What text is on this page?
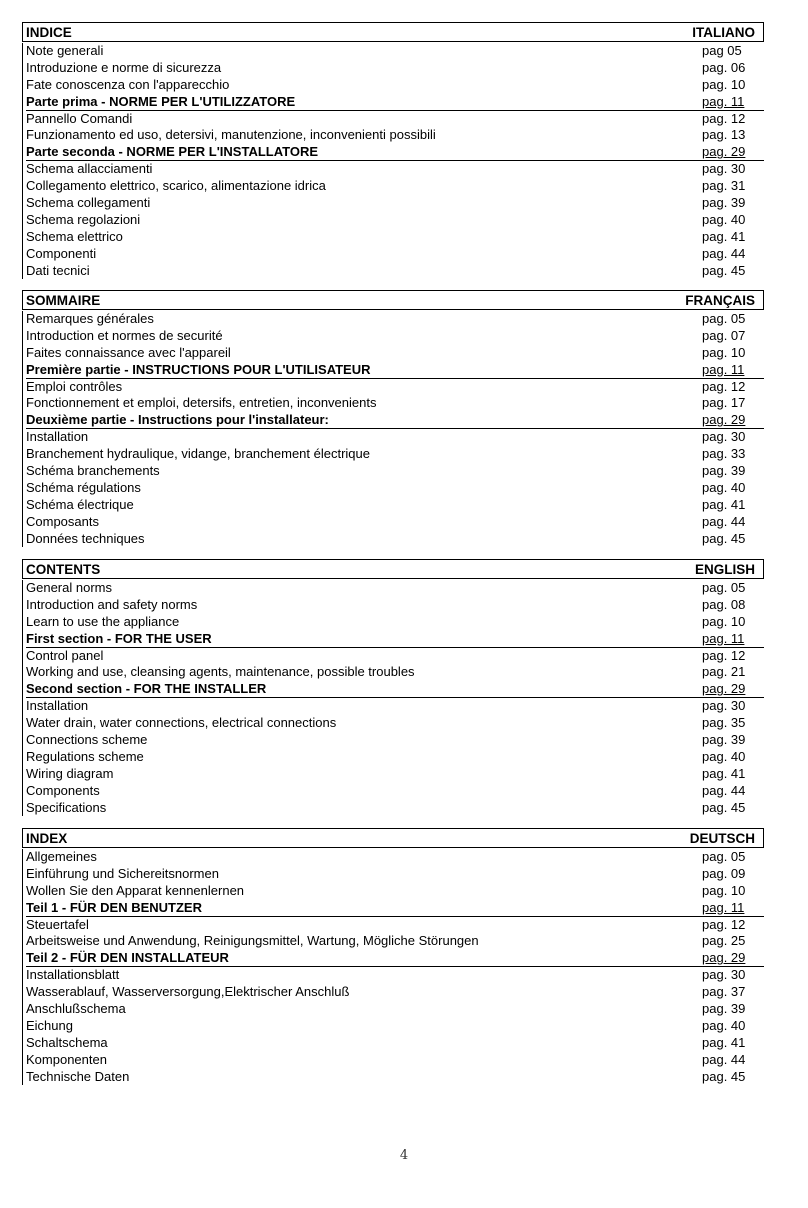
INDICE	ITALIANO
Note generali	pag 05
Introduzione e norme di sicurezza	pag. 06
Fate conoscenza con l'apparecchio	pag. 10
Parte prima - NORME PER L'UTILIZZATORE	pag. 11
Pannello Comandi	pag. 12
Funzionamento ed uso, detersivi, manutenzione, inconvenienti possibili	pag. 13
Parte seconda - NORME PER L'INSTALLATORE	pag. 29
Schema allacciamenti	pag. 30
Collegamento elettrico, scarico, alimentazione idrica	pag. 31
Schema collegamenti	pag. 39
Schema regolazioni	pag. 40
Schema elettrico	pag. 41
Componenti	pag. 44
Dati tecnici	pag. 45
SOMMAIRE	FRANÇAIS
Remarques générales	pag. 05
Introduction et normes de securité	pag. 07
Faites connaissance avec l'appareil	pag. 10
Première partie - INSTRUCTIONS POUR L'UTILISATEUR	pag. 11
Emploi contrôles	pag. 12
Fonctionnement et emploi, detersifs, entretien, inconvenients	pag. 17
Deuxième partie - Instructions pour l'installateur:	pag. 29
Installation	pag. 30
Branchement hydraulique, vidange, branchement électrique	pag. 33
Schéma branchements	pag. 39
Schéma régulations	pag. 40
Schéma électrique	pag. 41
Composants	pag. 44
Données techniques	pag. 45
CONTENTS	ENGLISH
General norms	pag. 05
Introduction and safety norms	pag. 08
Learn to use the appliance	pag. 10
First section - FOR THE USER	pag. 11
Control panel	pag. 12
Working and use, cleansing agents, maintenance, possible troubles	pag. 21
Second section - FOR THE INSTALLER	pag. 29
Installation	pag. 30
Water drain, water connections, electrical connections	pag. 35
Connections scheme	pag. 39
Regulations scheme	pag. 40
Wiring diagram	pag. 41
Components	pag. 44
Specifications	pag. 45
INDEX	DEUTSCH
Allgemeines	pag. 05
Einführung und Sichereitsnormen	pag. 09
Wollen Sie den Apparat kennenlernen	pag. 10
Teil 1 - FÜR DEN BENUTZER	pag. 11
Steuertafel	pag. 12
Arbeitsweise und Anwendung, Reinigungsmittel, Wartung, Mögliche Störungen	pag. 25
Teil 2 - FÜR DEN INSTALLATEUR	pag. 29
Installationsblatt	pag. 30
Wasserablauf, Wasserversorgung,Elektrischer Anschluß	pag. 37
Anschlußschema	pag. 39
Eichung	pag. 40
Schaltschema	pag. 41
Komponenten	pag. 44
Technische Daten	pag. 45
4
